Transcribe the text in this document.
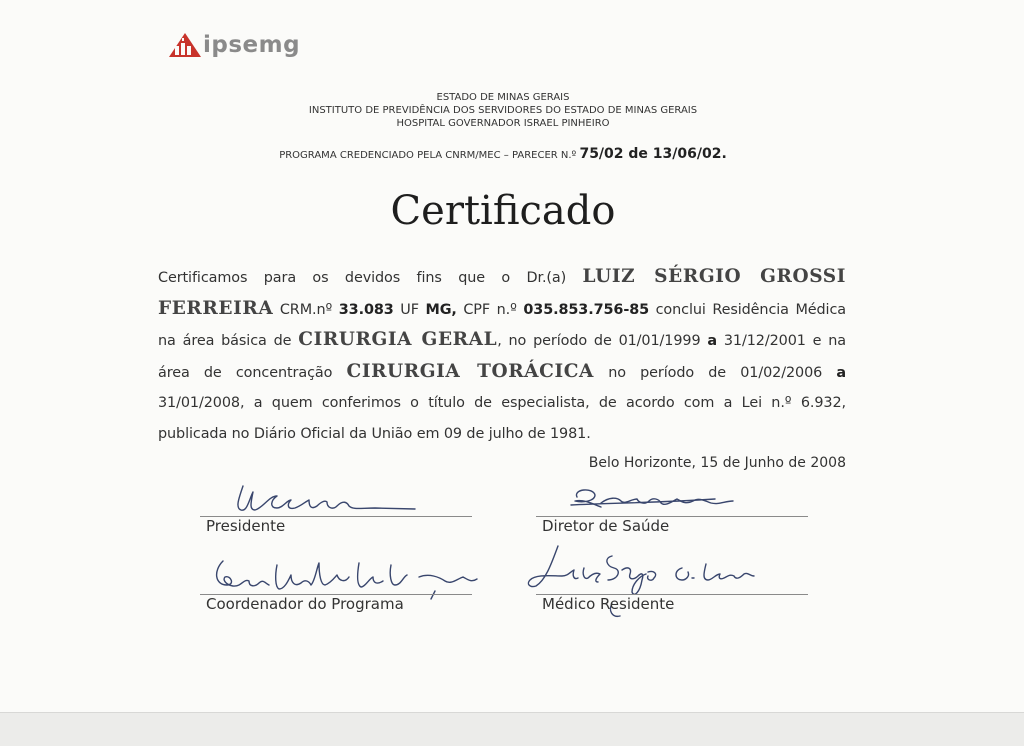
ipsemg
ESTADO DE MINAS GERAIS
INSTITUTO DE PREVIDÊNCIA DOS SERVIDORES DO ESTADO DE MINAS GERAIS
HOSPITAL GOVERNADOR ISRAEL PINHEIRO
PROGRAMA CREDENCIADO PELA CNRM/MEC – PARECER N.º 75/02 de 13/06/02.
Certificado
Certificamos para os devidos fins que o Dr.(a) LUIZ SÉRGIO GROSSI FERREIRA CRM.nº 33.083 UF MG, CPF n.º 035.853.756-85 conclui Residência Médica na área básica de CIRURGIA GERAL, no período de 01/01/1999 a 31/12/2001 e na área de concentração CIRURGIA TORÁCICA no período de 01/02/2006 a 31/01/2008, a quem conferimos o título de especialista, de acordo com a Lei n.º 6.932, publicada no Diário Oficial da União em 09 de julho de 1981.
Belo Horizonte, 15 de Junho de 2008
Presidente	Diretor de Saúde
Coordenador do Programa	Médico Residente
